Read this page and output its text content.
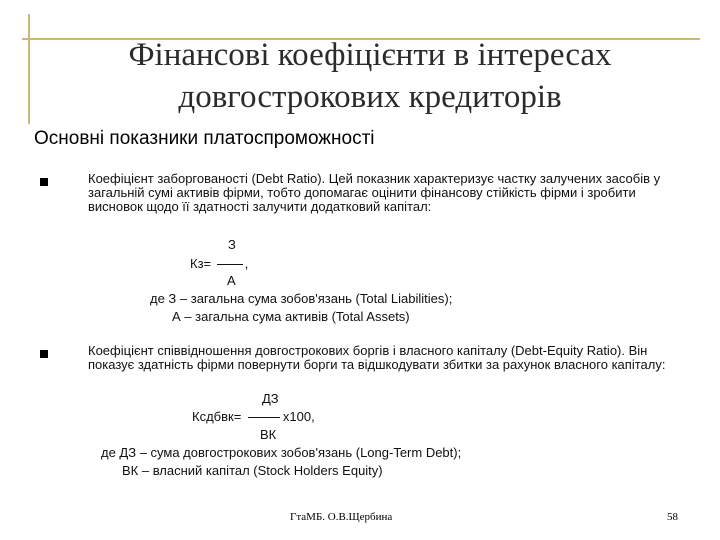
Фінансові коефіцієнти в інтересах
довгострокових кредиторів
Основні показники платоспроможності
Коефіцієнт заборгованості (Debt Ratio). Цей показник характеризує частку залучених засобів у загальній сумі активів фірми, тобто допомагає оцінити фінансову стійкість фірми і зробити висновок щодо її здатності залучити додатковий капітал:
З
Кз=	,
А
де З – загальна сума зобов'язань (Total Liabilities);
А – загальна сума активів (Total Assets)
Коефіцієнт співвідношення довгострокових боргів і власного капіталу (Debt-Equity Ratio). Він показує здатність фірми повернути борги та відшкодувати збитки за рахунок власного капіталу:
ДЗ
Ксдбвк=	х100,
ВК
де ДЗ – сума довгострокових зобов'язань (Long-Term Debt);
ВК – власний капітал (Stock Holders Equity)
ГтаМБ. О.В.Щербина	58
